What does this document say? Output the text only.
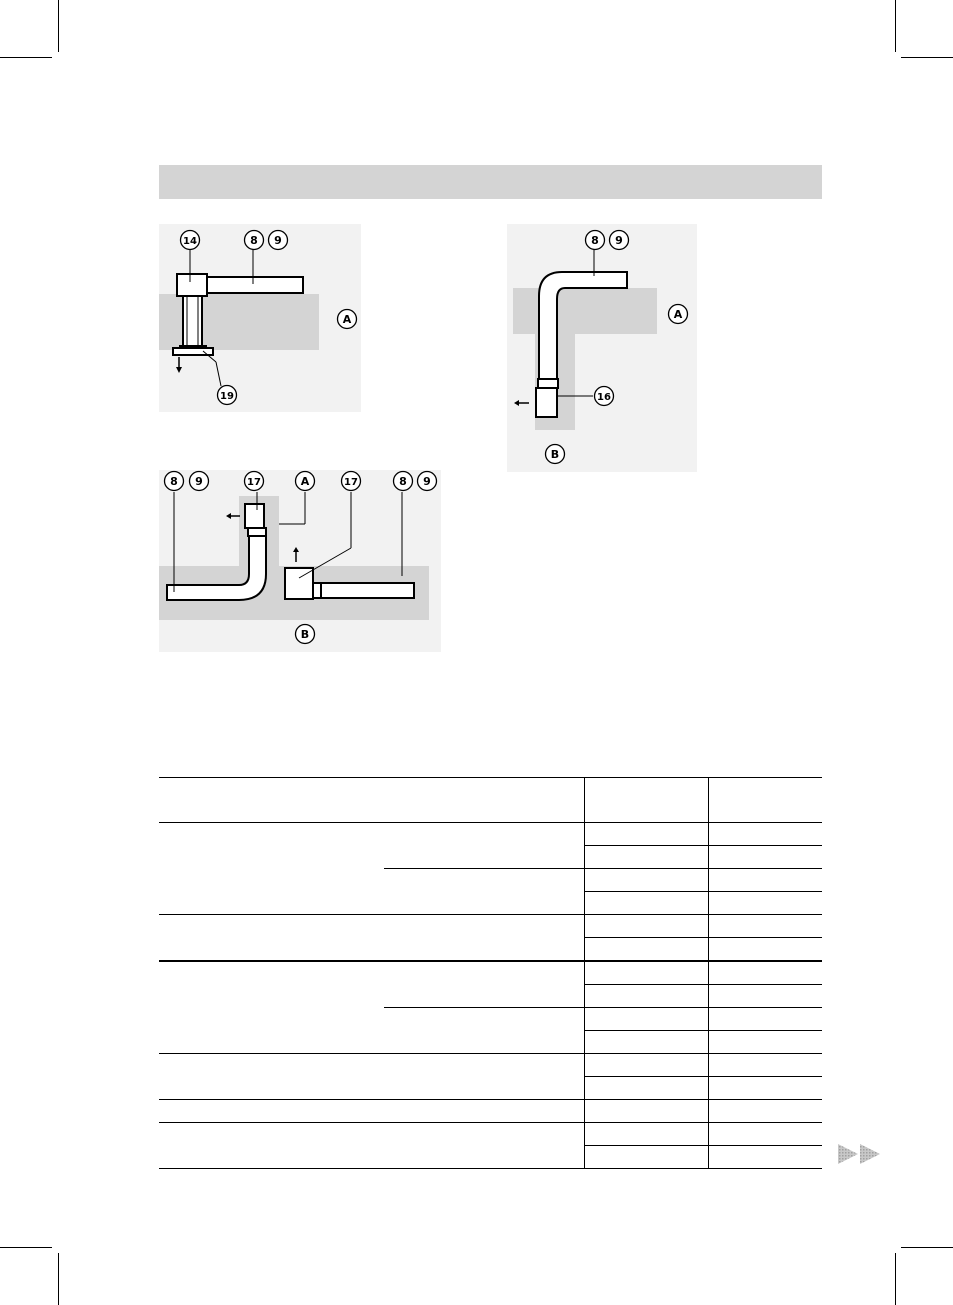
14	8 9
19
A
8 9
16
A
B
8 9	17	A	17	8 9
B
